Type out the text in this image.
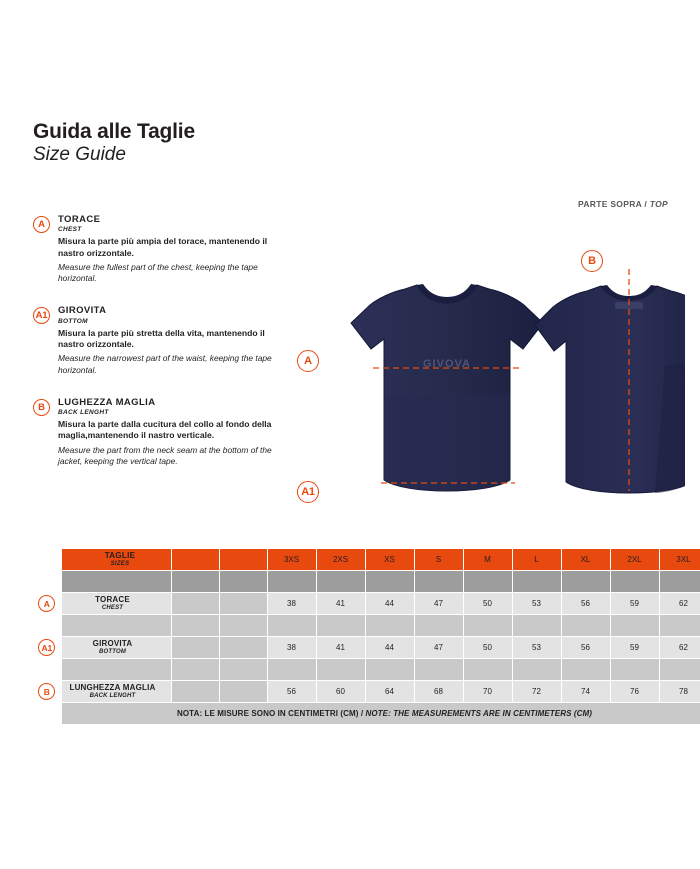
Guida alle Taglie
Size Guide
PARTE SOPRA / TOP
A	TORACE
CHEST
Misura la parte più ampia del torace, mantenendo il nastro orizzontale.
Measure the fullest part of the chest, keeping the tape horizontal.
A1 GIROVITA
BOTTOM
Misura la parte più stretta della vita, mantenendo il nastro orizzontale.
Measure the narrowest part of the waist, keeping the tape horizontal.
B	LUGHEZZA MAGLIA
BACK LENGHT
Misura la parte dalla cucitura del collo al fondo della maglia,mantenendo il nastro verticale.
Measure the part from the neck seam at the bottom of the jacket, keeping the vertical tape.
GIVOVA
A
A1
B
	TAGLIE
SIZES			3XS	2XS	XS	S	M	L	XL	2XL	3XL

A	TORACE
CHEST			38	41	44	47	50	53	56	59	62

A1	GIROVITA
BOTTOM			38	41	44	47	50	53	56	59	62

B	LUNGHEZZA MAGLIA
BACK LENGHT			56	60	64	68	70	72	74	76	78
	NOTA: LE MISURE SONO IN CENTIMETRI (CM) / NOTE: THE MEASUREMENTS ARE IN CENTIMETERS (CM)											
